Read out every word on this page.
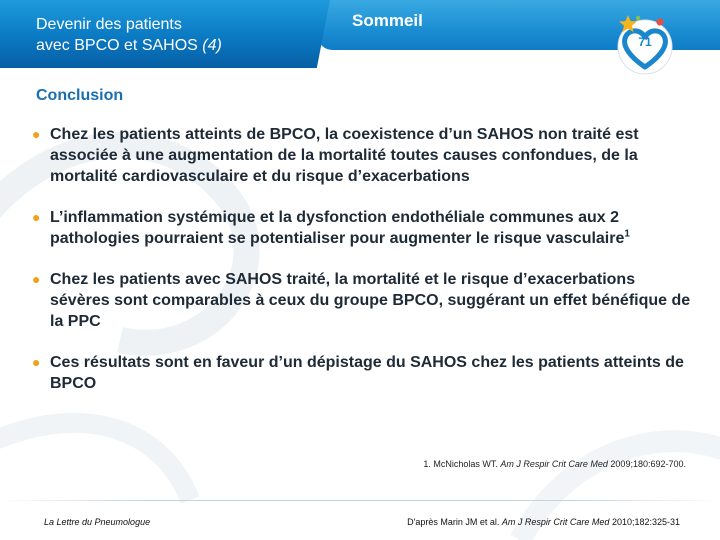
Devenir des patients
avec BPCO et SAHOS (4)
Sommeil
71
Conclusion
● Chez les patients atteints de BPCO, la coexistence d’un SAHOS non traité est associée à une augmentation de la mortalité toutes causes confondues, de la mortalité cardiovasculaire et du risque d’exacerbations
● L’inflammation systémique et la dysfonction endothéliale communes aux 2 pathologies pourraient se potentialiser pour augmenter le risque vasculaire$^1$
● Chez les patients avec SAHOS traité, la mortalité et le risque d’exacerbations sévères sont comparables à ceux du groupe BPCO, suggérant un effet bénéfique de la PPC
● Ces résultats sont en faveur d’un dépistage du SAHOS chez les patients atteints de BPCO
1. McNicholas WT. Am J Respir Crit Care Med 2009;180:692-700.
La Lettre du Pneumologue	D'après Marin JM et al. Am J Respir Crit Care Med 2010;182:325-31
